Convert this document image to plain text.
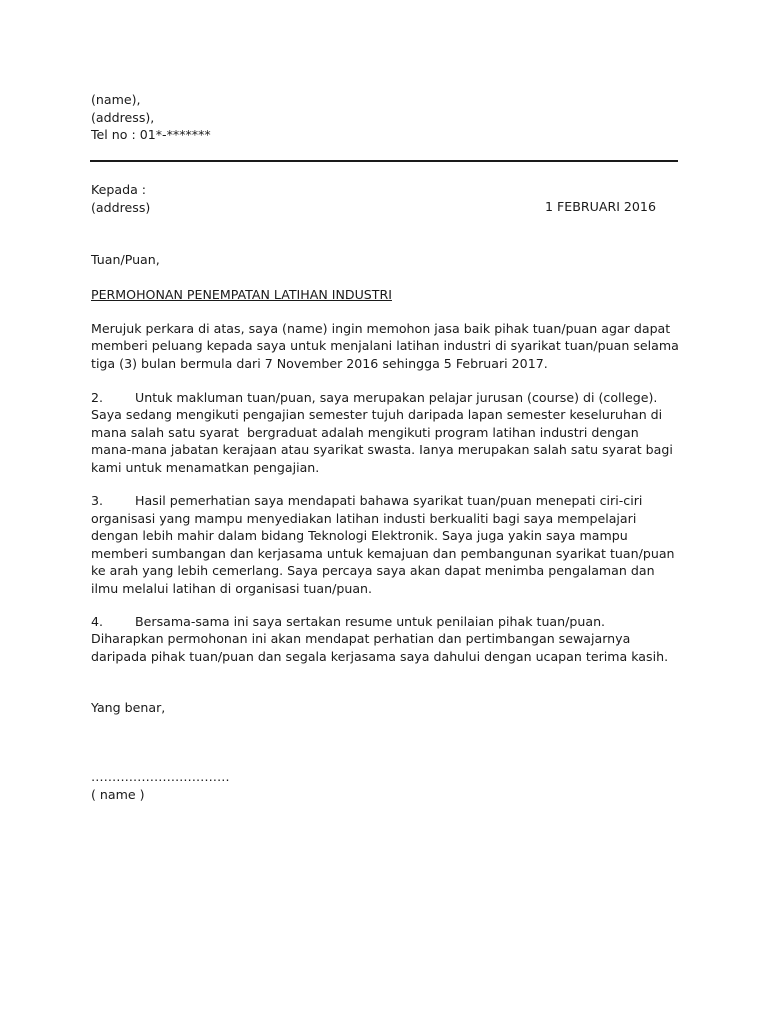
(name),
(address),
Tel no : 01*-*******
Kepada :
(address)	1 FEBRUARI 2016
Tuan/Puan,
PERMOHONAN PENEMPATAN LATIHAN INDUSTRI
Merujuk perkara di atas, saya (name) ingin memohon jasa baik pihak tuan/puan agar dapat
memberi peluang kepada saya untuk menjalani latihan industri di syarikat tuan/puan selama
tiga (3) bulan bermula dari 7 November 2016 sehingga 5 Februari 2017.
2.	Untuk makluman tuan/puan, saya merupakan pelajar jurusan (course) di (college).
Saya sedang mengikuti pengajian semester tujuh daripada lapan semester keseluruhan di
mana salah satu syarat  bergraduat adalah mengikuti program latihan industri dengan
mana-mana jabatan kerajaan atau syarikat swasta. Ianya merupakan salah satu syarat bagi
kami untuk menamatkan pengajian.
3.	Hasil pemerhatian saya mendapati bahawa syarikat tuan/puan menepati ciri-ciri
organisasi yang mampu menyediakan latihan industi berkualiti bagi saya mempelajari
dengan lebih mahir dalam bidang Teknologi Elektronik. Saya juga yakin saya mampu
memberi sumbangan dan kerjasama untuk kemajuan dan pembangunan syarikat tuan/puan
ke arah yang lebih cemerlang. Saya percaya saya akan dapat menimba pengalaman dan
ilmu melalui latihan di organisasi tuan/puan.
4.	Bersama-sama ini saya sertakan resume untuk penilaian pihak tuan/puan.
Diharapkan permohonan ini akan mendapat perhatian dan pertimbangan sewajarnya
daripada pihak tuan/puan dan segala kerjasama saya dahului dengan ucapan terima kasih.
Yang benar,
……………………………
( name )
